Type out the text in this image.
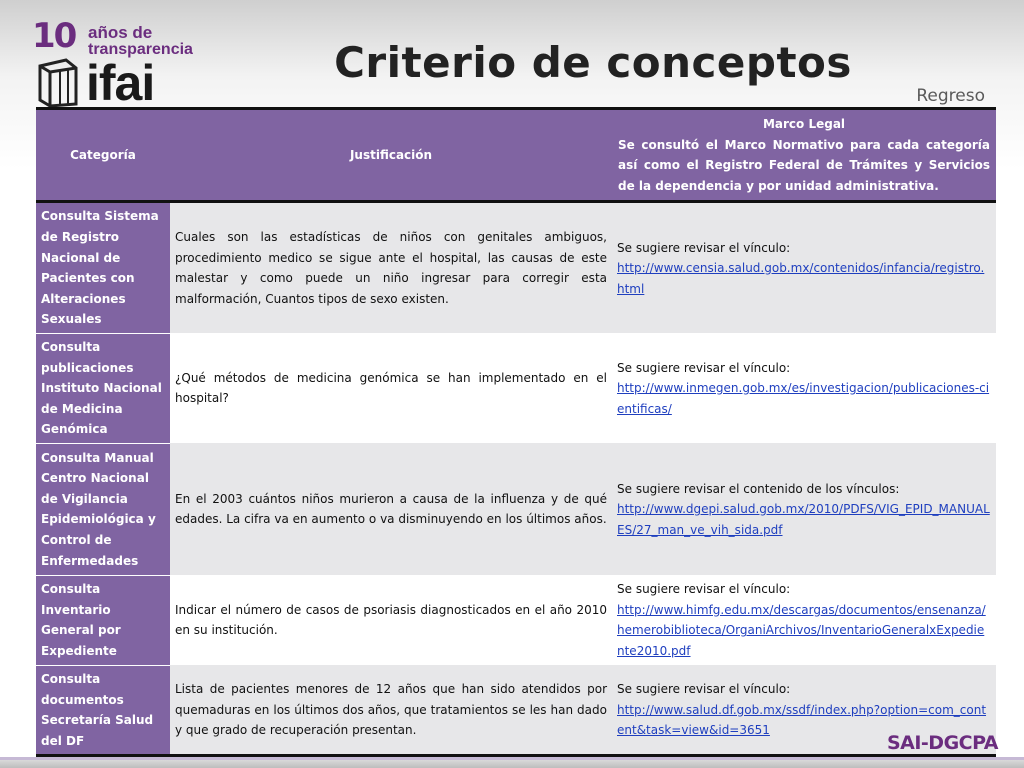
10 años de
transparencia
ifai	Criterio de conceptos
Regreso
Categoría	Justificación	Marco Legal
Se consultó el Marco Normativo para cada categoría así como el Registro Federal de Trámites y Servicios de la dependencia y por unidad administrativa.
Consulta Sistema de Registro Nacional de Pacientes con Alteraciones Sexuales	Cuales son las estadísticas de niños con genitales ambiguos, procedimiento medico se sigue ante el hospital, las causas de este malestar y como puede un niño ingresar para corregir esta malformación, Cuantos tipos de sexo existen.	Se sugiere revisar el vínculo:
http://www.censia.salud.gob.mx/contenidos/infancia/registro.html
Consulta publicaciones Instituto Nacional de Medicina Genómica	¿Qué métodos de medicina genómica se han implementado en el hospital?	Se sugiere revisar el vínculo:
http://www.inmegen.gob.mx/es/investigacion/publicaciones-cientificas/
Consulta Manual Centro Nacional de Vigilancia Epidemiológica y Control de Enfermedades	En el 2003 cuántos niños murieron a causa de la influenza y de qué edades. La cifra va en aumento o va disminuyendo en los últimos años.	Se sugiere revisar el contenido de los vínculos:
http://www.dgepi.salud.gob.mx/2010/PDFS/VIG_EPID_MANUALES/27_man_ve_vih_sida.pdf
Consulta Inventario General por Expediente	Indicar el número de casos de psoriasis diagnosticados en el año 2010 en su institución.	Se sugiere revisar el vínculo:
http://www.himfg.edu.mx/descargas/documentos/ensenanza/hemerobiblioteca/OrganiArchivos/InventarioGeneralxExpediente2010.pdf
Consulta documentos Secretaría Salud del DF	Lista de pacientes menores de 12 años que han sido atendidos por quemaduras en los últimos dos años, que tratamientos se les han dado y que grado de recuperación presentan.	Se sugiere revisar el vínculo:
http://www.salud.df.gob.mx/ssdf/index.php?option=com_content&task=view&id=3651
SAI-DGCPA
